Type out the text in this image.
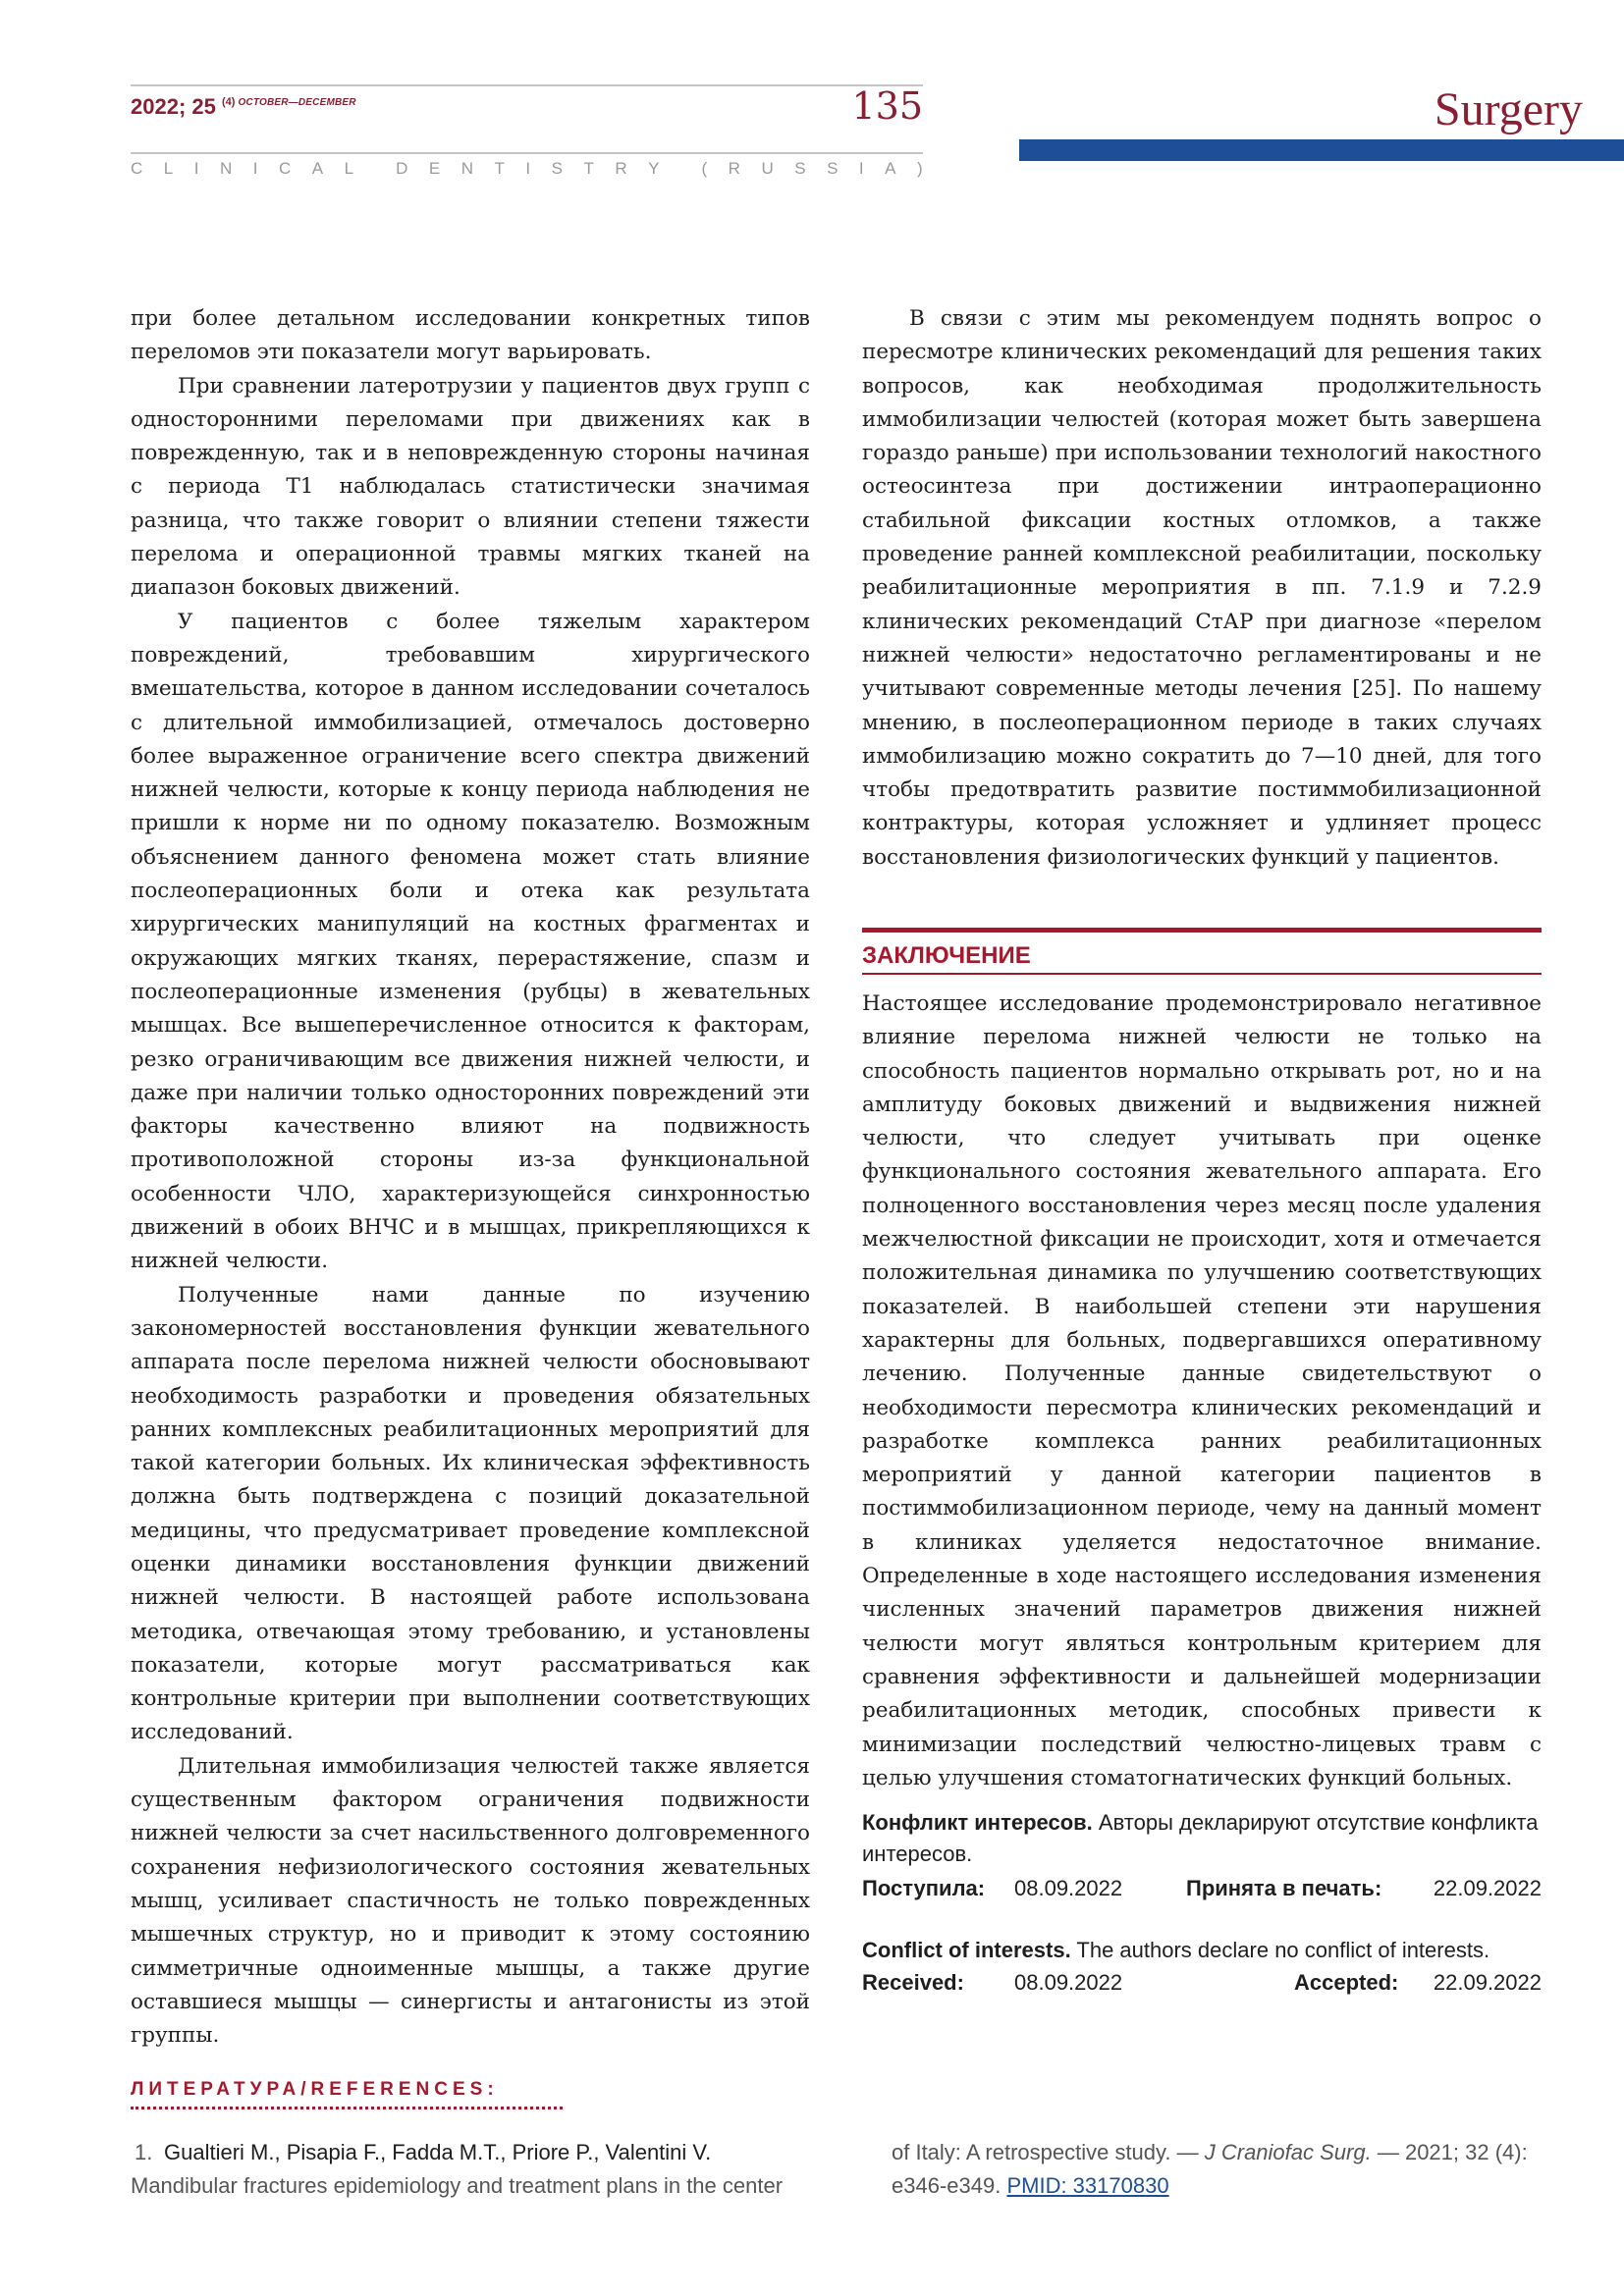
2022; 25 $^{(4)}$ $^{OCTOBER—DECEMBER}$	135	Surgery
C L I N I C A L	D E N T I S T R Y	( R U S S I A )

при более детальном исследовании конкретных типов переломов эти показатели могут варьировать.

При сравнении латеротрузии у пациентов двух групп с односторонними переломами при движениях как в поврежденную, так и в неповрежденную стороны начиная с периода Т1 наблюдалась статистически значимая разница, что также говорит о влиянии степени тяжести перелома и операционной травмы мягких тканей на диапазон боковых движений.

У пациентов с более тяжелым характером повреждений, требовавшим хирургического вмешательства, которое в данном исследовании сочеталось с длительной иммобилизацией, отмечалось достоверно более выраженное ограничение всего спектра движений нижней челюсти, которые к концу периода наблюдения не пришли к норме ни по одному показателю. Возможным объяснением данного феномена может стать влияние послеоперационных боли и отека как результата хирургических манипуляций на костных фрагментах и окружающих мягких тканях, перерастяжение, спазм и послеоперационные изменения (рубцы) в жевательных мышцах. Все вышеперечисленное относится к факторам, резко ограничивающим все движения нижней челюсти, и даже при наличии только односторонних повреждений эти факторы качественно влияют на подвижность противоположной стороны из-за функциональной особенности ЧЛО, характеризующейся синхронностью движений в обоих ВНЧС и в мышцах, прикрепляющихся к нижней челюсти.

Полученные нами данные по изучению закономерностей восстановления функции жевательного аппарата после перелома нижней челюсти обосновывают необходимость разработки и проведения обязательных ранних комплексных реабилитационных мероприятий для такой категории больных. Их клиническая эффективность должна быть подтверждена с позиций доказательной медицины, что предусматривает проведение комплексной оценки динамики восстановления функции движений нижней челюсти. В настоящей работе использована методика, отвечающая этому требованию, и установлены показатели, которые могут рассматриваться как контрольные критерии при выполнении соответствующих исследований.

Длительная иммобилизация челюстей также является существенным фактором ограничения подвижности нижней челюсти за счет насильственного долговременного сохранения нефизиологического состояния жевательных мышц, усиливает спастичность не только поврежденных мышечных структур, но и приводит к этому состоянию симметричные одноименные мышцы, а также другие оставшиеся мышцы — синергисты и антагонисты из этой группы.

В связи с этим мы рекомендуем поднять вопрос о пересмотре клинических рекомендаций для решения таких вопросов, как необходимая продолжительность иммобилизации челюстей (которая может быть завершена гораздо раньше) при использовании технологий накостного остеосинтеза при достижении интраоперационно стабильной фиксации костных отломков, а также проведение ранней комплексной реабилитации, поскольку реабилитационные мероприятия в пп. 7.1.9 и 7.2.9 клинических рекомендаций СтАР при диагнозе «перелом нижней челюсти» недостаточно регламентированы и не учитывают современные методы лечения [25]. По нашему мнению, в послеоперационном периоде в таких случаях иммобилизацию можно сократить до 7—10 дней, для того чтобы предотвратить развитие постиммобилизационной контрактуры, которая усложняет и удлиняет процесс восстановления физиологических функций у пациентов.

ЗАКЛЮЧЕНИЕ

Настоящее исследование продемонстрировало негативное влияние перелома нижней челюсти не только на способность пациентов нормально открывать рот, но и на амплитуду боковых движений и выдвижения нижней челюсти, что следует учитывать при оценке функционального состояния жевательного аппарата. Его полноценного восстановления через месяц после удаления межчелюстной фиксации не происходит, хотя и отмечается положительная динамика по улучшению соответствующих показателей. В наибольшей степени эти нарушения характерны для больных, подвергавшихся оперативному лечению. Полученные данные свидетельствуют о необходимости пересмотра клинических рекомендаций и разработке комплекса ранних реабилитационных мероприятий у данной категории пациентов в постиммобилизационном периоде, чему на данный момент в клиниках уделяется недостаточное внимание. Определенные в ходе настоящего исследования изменения численных значений параметров движения нижней челюсти могут являться контрольным критерием для сравнения эффективности и дальнейшей модернизации реабилитационных методик, способных привести к минимизации последствий челюстно-лицевых травм с целью улучшения стоматогнатических функций больных.

Конфликт интересов. Авторы декларируют отсутствие конфликта интересов.
Поступила:	08.09.2022	Принята в печать:	22.09.2022
Conflict of interests. The authors declare no conflict of interests.
Received:	08.09.2022	Accepted:	22.09.2022
ЛИТЕРАТУРА/REFERENCES:
1. Gualtieri M., Pisapia F., Fadda M.T., Priore P., Valentini V. Mandibular fractures epidemiology and treatment plans in the center
of Italy: A retrospective study. — J Craniofac Surg. — 2021; 32 (4): e346-e349. PMID: 33170830
